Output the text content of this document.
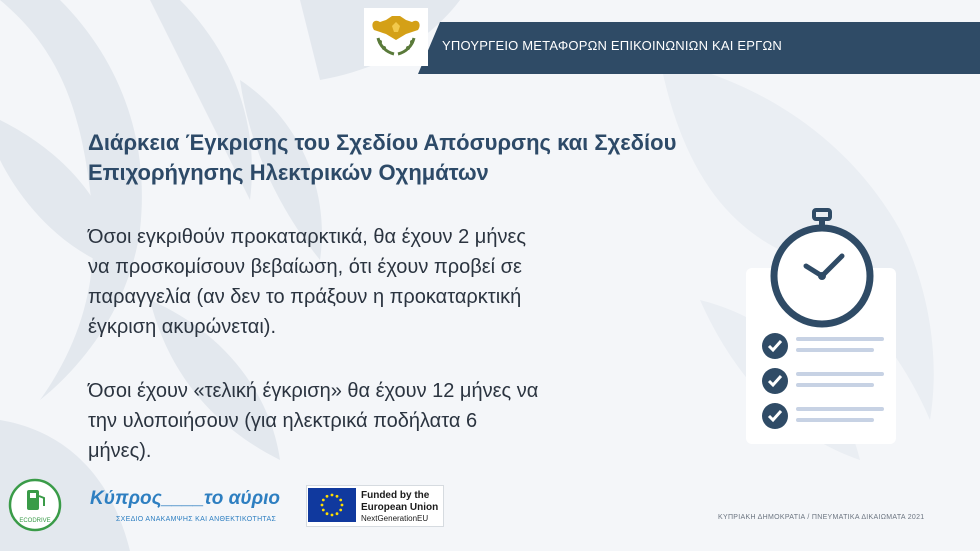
ΥΠΟΥΡΓΕΙΟ ΜΕΤΑΦΟΡΩΝ ΕΠΙΚΟΙΝΩΝΙΩΝ ΚΑΙ ΕΡΓΩΝ
Διάρκεια Έγκρισης του Σχεδίου Απόσυρσης και Σχεδίου
Επιχορήγησης Ηλεκτρικών Οχημάτων
Όσοι εγκριθούν προκαταρκτικά, θα έχουν 2 μήνες
να προσκομίσουν βεβαίωση, ότι έχουν προβεί σε
παραγγελία (αν δεν το πράξουν η προκαταρκτική
έγκριση ακυρώνεται).
Όσοι έχουν «τελική έγκριση» θα έχουν 12 μήνες να
την υλοποιήσουν (για ηλεκτρικά ποδήλατα 6
μήνες).
ECODRIVE
Κύπρος____το αύριο
ΣΧΕΔΙΟ ΑΝΑΚΑΜΨΗΣ ΚΑΙ ΑΝΘΕΚΤΙΚΟΤΗΤΑΣ
Funded by the
European Union
NextGenerationEU	ΚΥΠΡΙΑΚΗ ΔΗΜΟΚΡΑΤΙΑ / ΠΝΕΥΜΑΤΙΚΑ ΔΙΚΑΙΩΜΑΤΑ 2021
